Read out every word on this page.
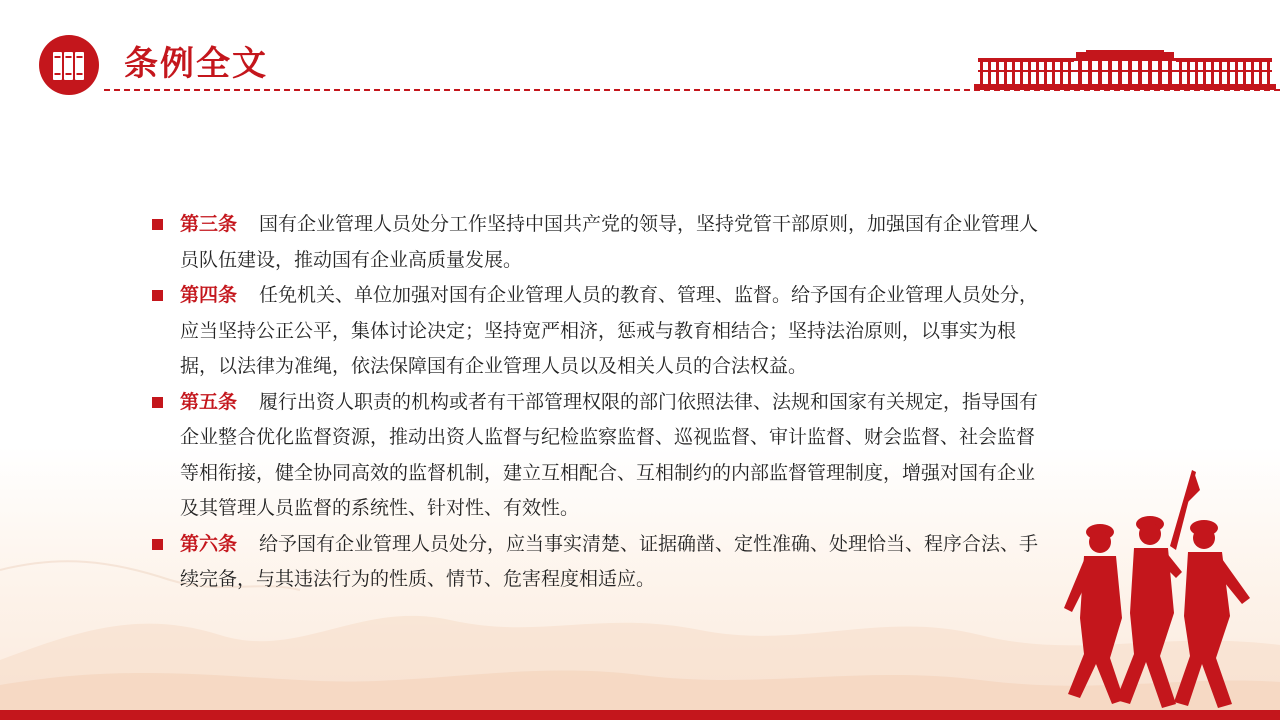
条例全文
第三条 国有企业管理人员处分工作坚持中国共产党的领导，坚持党管干部原则，加强国有企业管理人员队伍建设，推动国有企业高质量发展。
第四条 任免机关、单位加强对国有企业管理人员的教育、管理、监督。给予国有企业管理人员处分，应当坚持公正公平，集体讨论决定；坚持宽严相济，惩戒与教育相结合；坚持法治原则，以事实为根据，以法律为准绳，依法保障国有企业管理人员以及相关人员的合法权益。
第五条 履行出资人职责的机构或者有干部管理权限的部门依照法律、法规和国家有关规定，指导国有企业整合优化监督资源，推动出资人监督与纪检监察监督、巡视监督、审计监督、财会监督、社会监督等相衔接，健全协同高效的监督机制，建立互相配合、互相制约的内部监督管理制度，增强对国有企业及其管理人员监督的系统性、针对性、有效性。
第六条 给予国有企业管理人员处分，应当事实清楚、证据确凿、定性准确、处理恰当、程序合法、手续完备，与其违法行为的性质、情节、危害程度相适应。
